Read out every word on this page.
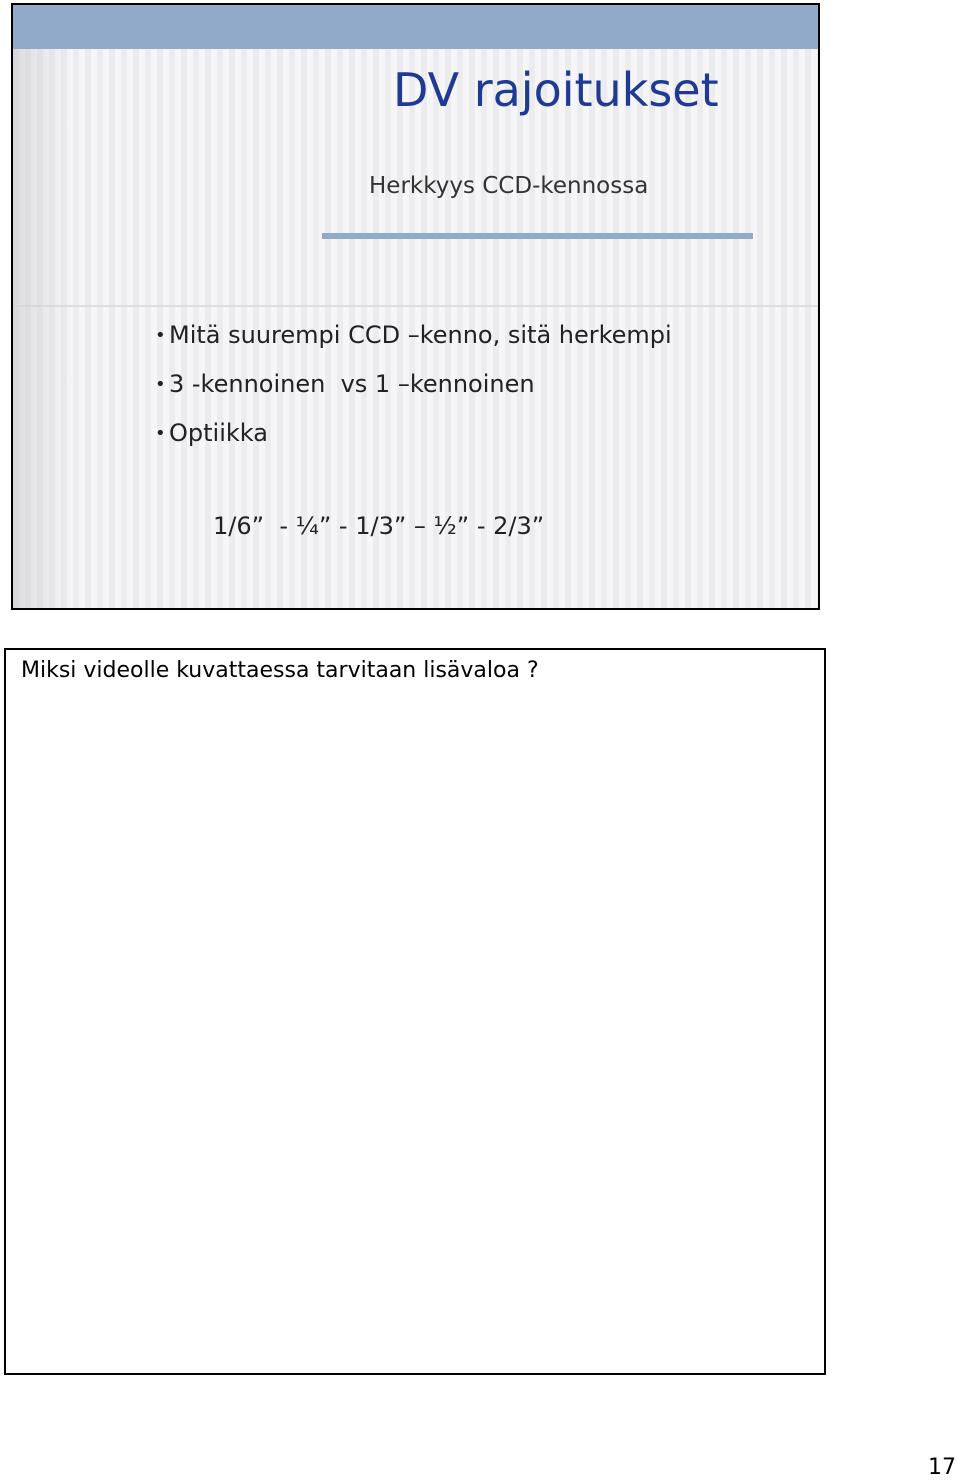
DV rajoitukset
Herkkyys CCD-kennossa
• Mitä suurempi CCD –kenno, sitä herkempi
• 3 -kennoinen  vs 1 –kennoinen
• Optiikka
1/6”  - ¼” - 1/3” – ½” - 2/3”
Miksi videolle kuvattaessa tarvitaan lisävaloa ?
17
